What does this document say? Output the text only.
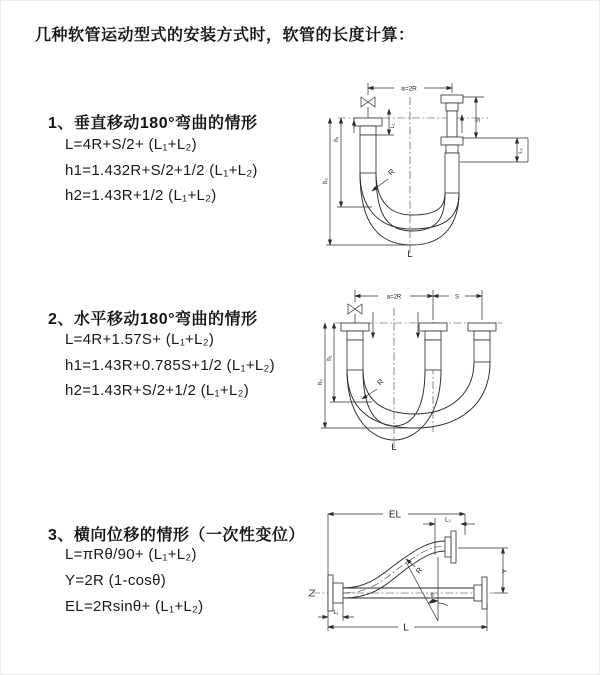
几种软管运动型式的安装方式时，软管的长度计算：
1、垂直移动180°弯曲的情形
L=4R+S/2+ (L₁+L₂)
h1=1.432R+S/2+1/2 (L₁+L₂)
h2=1.43R+1/2 (L₁+L₂)
2、水平移动180°弯曲的情形
L=4R+1.57S+ (L₁+L₂)
h1=1.43R+0.785S+1/2 (L₁+L₂)
h2=1.43R+S/2+1/2 (L₁+L₂)
3、横向位移的情形（一次性变位）
L=πRθ/90+ (L₁+L₂)
Y=2R (1-cosθ)
EL=2Rsinθ+ (L₁+L₂)
a=2R
L₁
S
L₂
h₂
h₁
R
L
a=2R	S
h₂
h₁
R
L
EL	L₂
Y
R
θ
L
L₁
